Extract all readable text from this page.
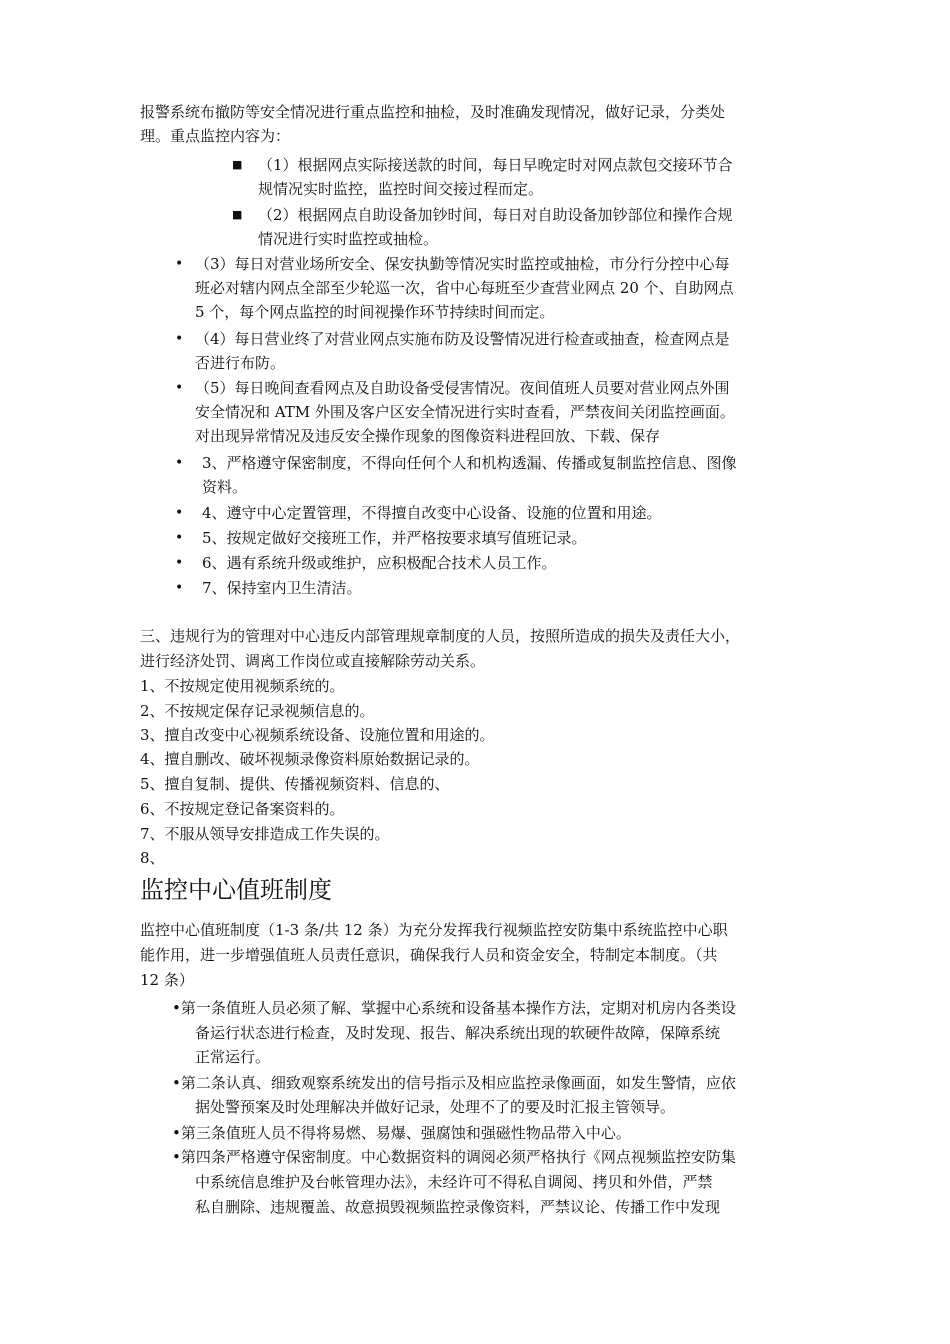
报警系统布撤防等安全情况进行重点监控和抽检，及时准确发现情况，做好记录，分类处
理。重点监控内容为：
■ （1）根据网点实际接送款的时间，每日早晚定时对网点款包交接环节合
规情况实时监控，监控时间交接过程而定。
■ （2）根据网点自助设备加钞时间，每日对自助设备加钞部位和操作合规
情况进行实时监控或抽检。
• （3）每日对营业场所安全、保安执勤等情况实时监控或抽检，市分行分控中心每
班必对辖内网点全部至少轮巡一次，省中心每班至少查营业网点 20 个、自助网点
5 个，每个网点监控的时间视操作环节持续时间而定。
• （4）每日营业终了对营业网点实施布防及设警情况进行检查或抽查，检查网点是
否进行布防。
• （5）每日晚间查看网点及自助设备受侵害情况。夜间值班人员要对营业网点外围
安全情况和 ATM 外围及客户区安全情况进行实时查看，严禁夜间关闭监控画面。
对出现异常情况及违反安全操作现象的图像资料进程回放、下载、保存
• 3、严格遵守保密制度，不得向任何个人和机构透漏、传播或复制监控信息、图像
资料。
• 4、遵守中心定置管理，不得擅自改变中心设备、设施的位置和用途。
• 5、按规定做好交接班工作，并严格按要求填写值班记录。
• 6、遇有系统升级或维护，应积极配合技术人员工作。
• 7、保持室内卫生清洁。
三、违规行为的管理对中心违反内部管理规章制度的人员，按照所造成的损失及责任大小，
进行经济处罚、调离工作岗位或直接解除劳动关系。
1、不按规定使用视频系统的。
2、不按规定保存记录视频信息的。
3、擅自改变中心视频系统设备、设施位置和用途的。
4、擅自删改、破坏视频录像资料原始数据记录的。
5、擅自复制、提供、传播视频资料、信息的、
6、不按规定登记备案资料的。
7、不服从领导安排造成工作失误的。
8、
监控中心值班制度
监控中心值班制度（1-3 条/共 12 条）为充分发挥我行视频监控安防集中系统监控中心职
能作用，进一步增强值班人员责任意识，确保我行人员和资金安全，特制定本制度。（共
12 条）
•第一条值班人员必须了解、掌握中心系统和设备基本操作方法，定期对机房内各类设
备运行状态进行检查，及时发现、报告、解决系统出现的软硬件故障，保障系统
正常运行。
•第二条认真、细致观察系统发出的信号指示及相应监控录像画面，如发生警情，应依
据处警预案及时处理解决并做好记录，处理不了的要及时汇报主管领导。
•第三条值班人员不得将易燃、易爆、强腐蚀和强磁性物品带入中心。
•第四条严格遵守保密制度。中心数据资料的调阅必须严格执行《网点视频监控安防集
中系统信息维护及台帐管理办法》，未经许可不得私自调阅、拷贝和外借，严禁
私自删除、违规覆盖、故意损毁视频监控录像资料，严禁议论、传播工作中发现
